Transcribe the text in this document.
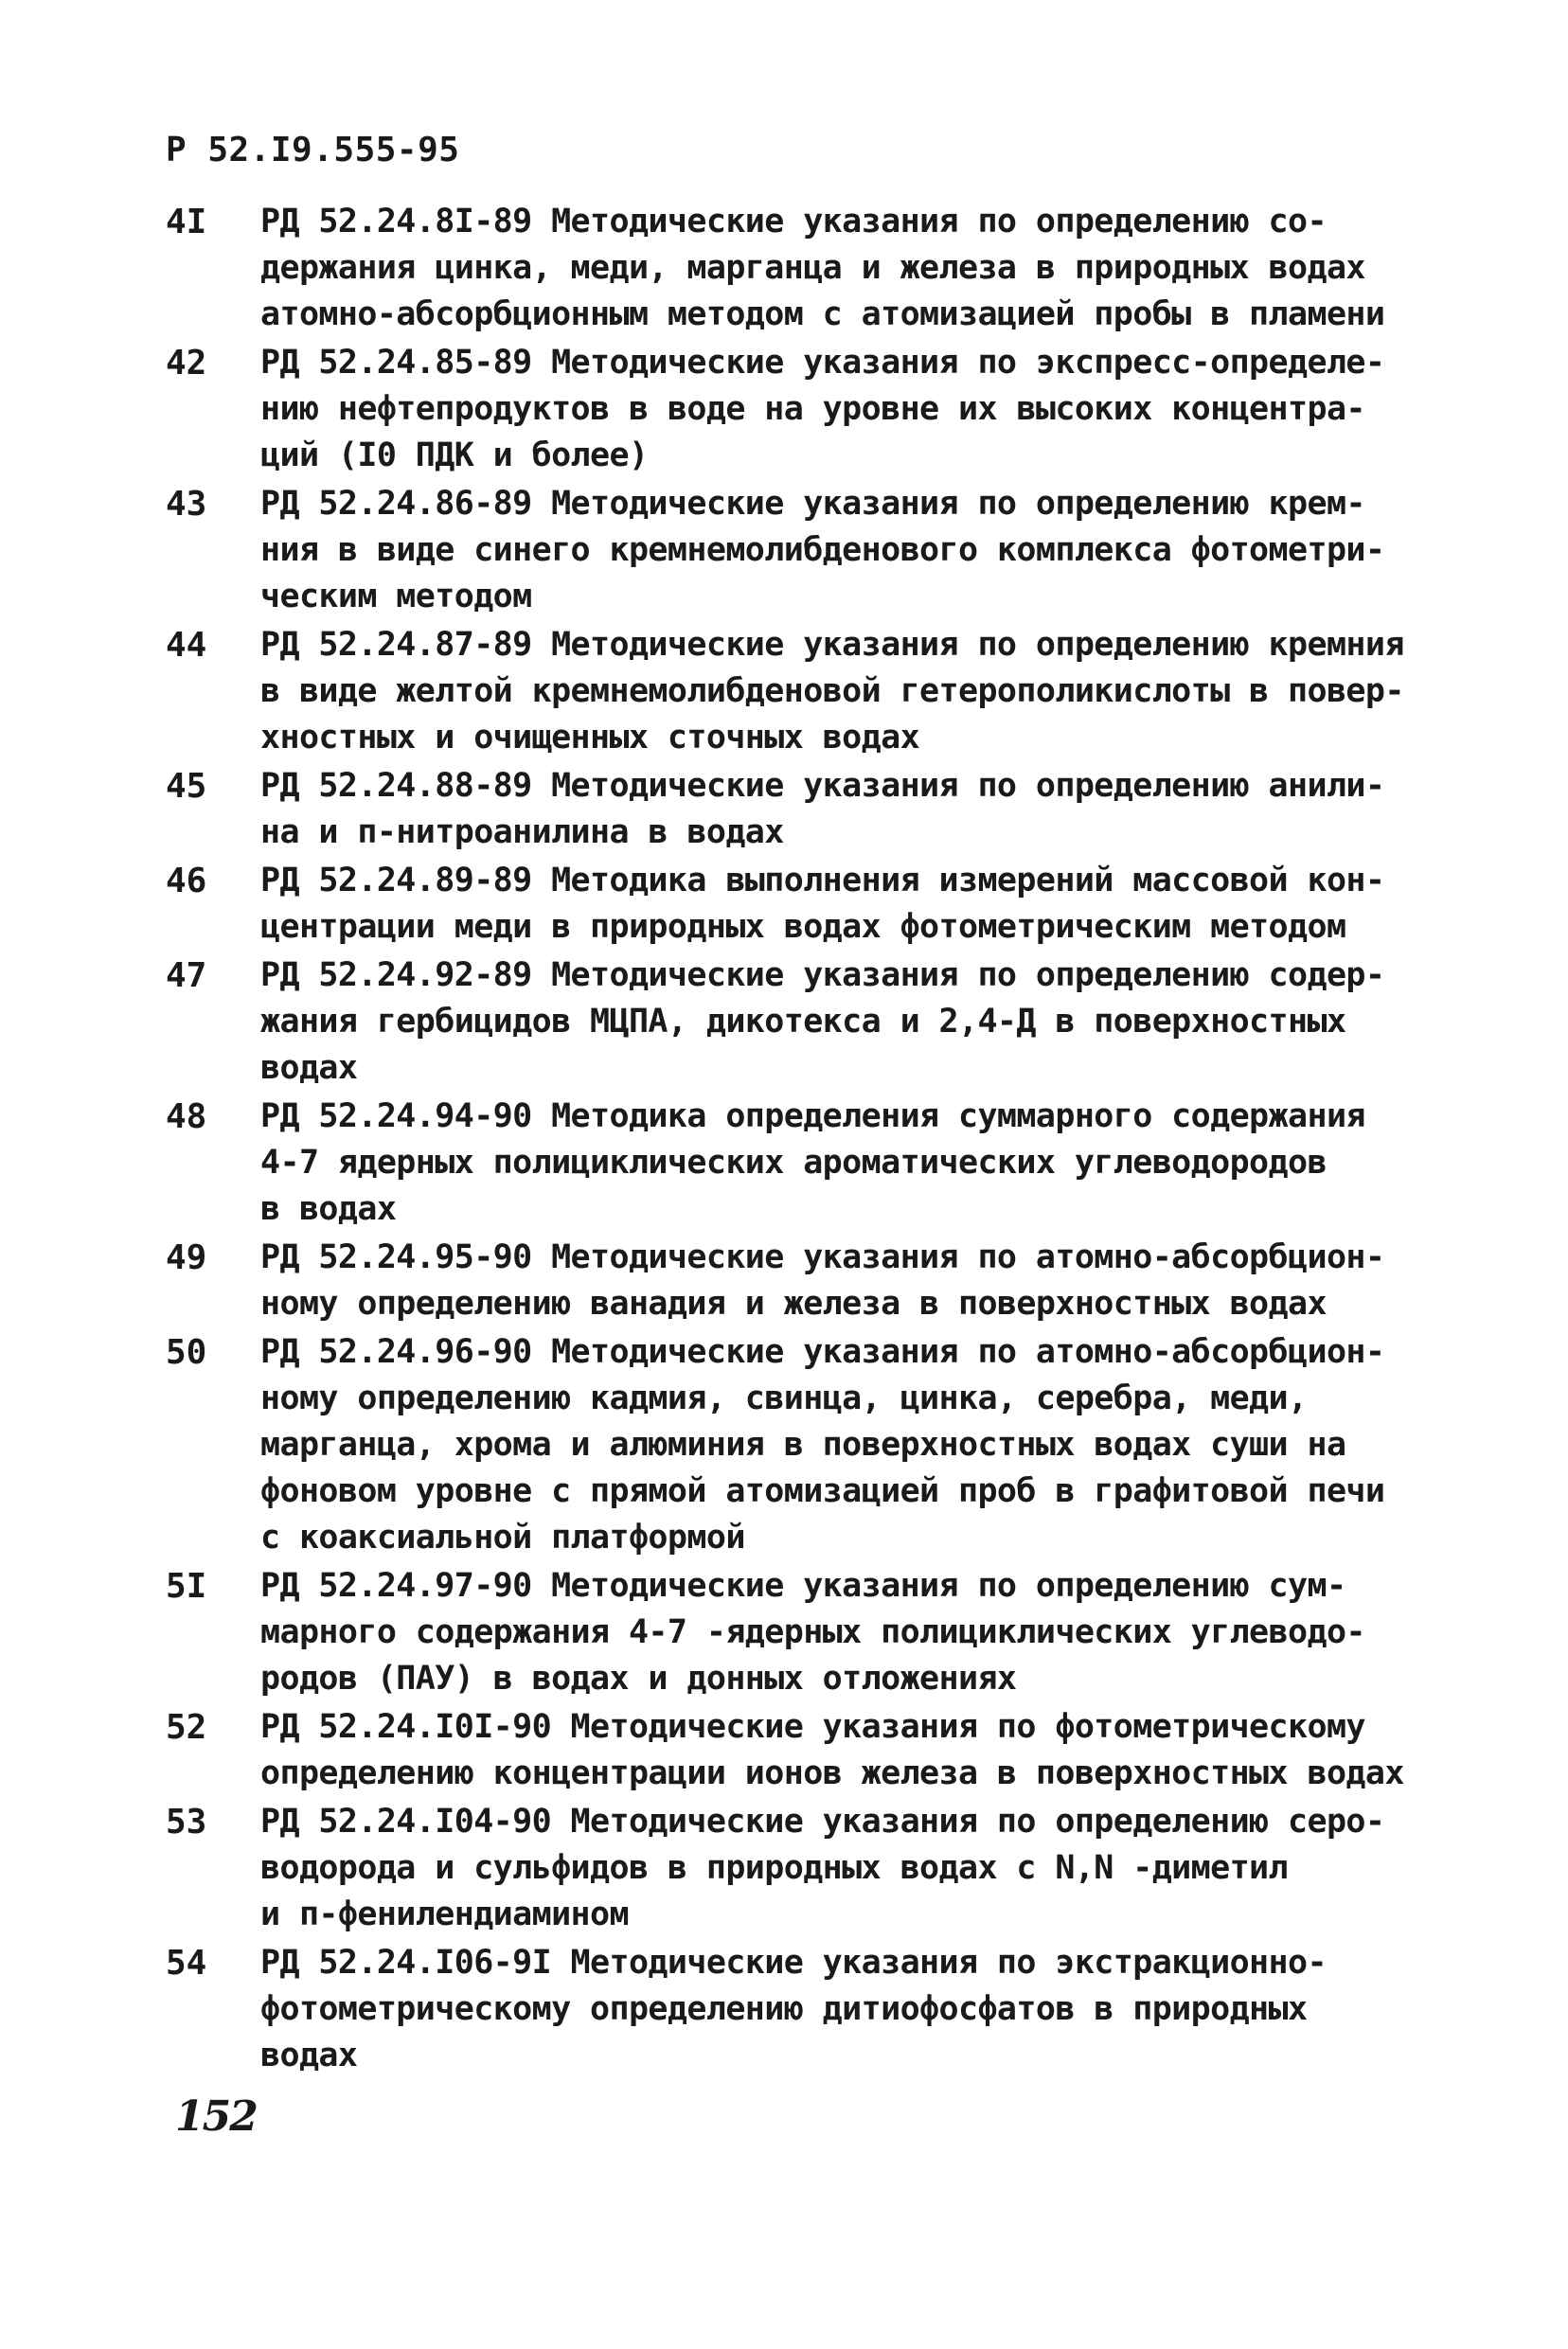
Р 52.I9.555-95
4I	РД 52.24.8I-89 Методические указания по определению со-
держания цинка, меди, марганца и железа в природных водах
атомно-абсорбционным методом с атомизацией пробы в пламени
42	РД 52.24.85-89 Методические указания по экспресс-определе-
нию нефтепродуктов в воде на уровне их высоких концентра-
ций (I0 ПДК и более)
43	РД 52.24.86-89 Методические указания по определению крем-
ния в виде синего кремнемолибденового комплекса фотометри-
ческим методом
44	РД 52.24.87-89 Методические указания по определению кремния
в виде желтой кремнемолибденовой гетерополикислоты в повер-
хностных и очищенных сточных водах
45	РД 52.24.88-89 Методические указания по определению анили-
на и п-нитроанилина в водах
46	РД 52.24.89-89 Методика выполнения измерений массовой кон-
центрации меди в природных водах фотометрическим методом
47	РД 52.24.92-89 Методические указания по определению содер-
жания гербицидов МЦПА, дикотекса и 2,4-Д в поверхностных
водах
48	РД 52.24.94-90 Методика определения суммарного содержания
4-7 ядерных полициклических ароматических углеводородов
в водах
49	РД 52.24.95-90 Методические указания по атомно-абсорбцион-
ному определению ванадия и железа в поверхностных водах
50	РД 52.24.96-90 Методические указания по атомно-абсорбцион-
ному определению кадмия, свинца, цинка, серебра, меди,
марганца, хрома и алюминия в поверхностных водах суши на
фоновом уровне с прямой атомизацией проб в графитовой печи
с коаксиальной платформой
5I	РД 52.24.97-90 Методические указания по определению сум-
марного содержания 4-7 -ядерных полициклических углеводо-
родов (ПАУ) в водах и донных отложениях
52	РД 52.24.I0I-90 Методические указания по фотометрическому
определению концентрации ионов железа в поверхностных водах
53	РД 52.24.I04-90 Методические указания по определению серо-
водорода и сульфидов в природных водах с N,N -диметил
и п-фенилендиамином
54	РД 52.24.I06-9I Методические указания по экстракционно-
фотометрическому определению дитиофосфатов в природных
водах
152
